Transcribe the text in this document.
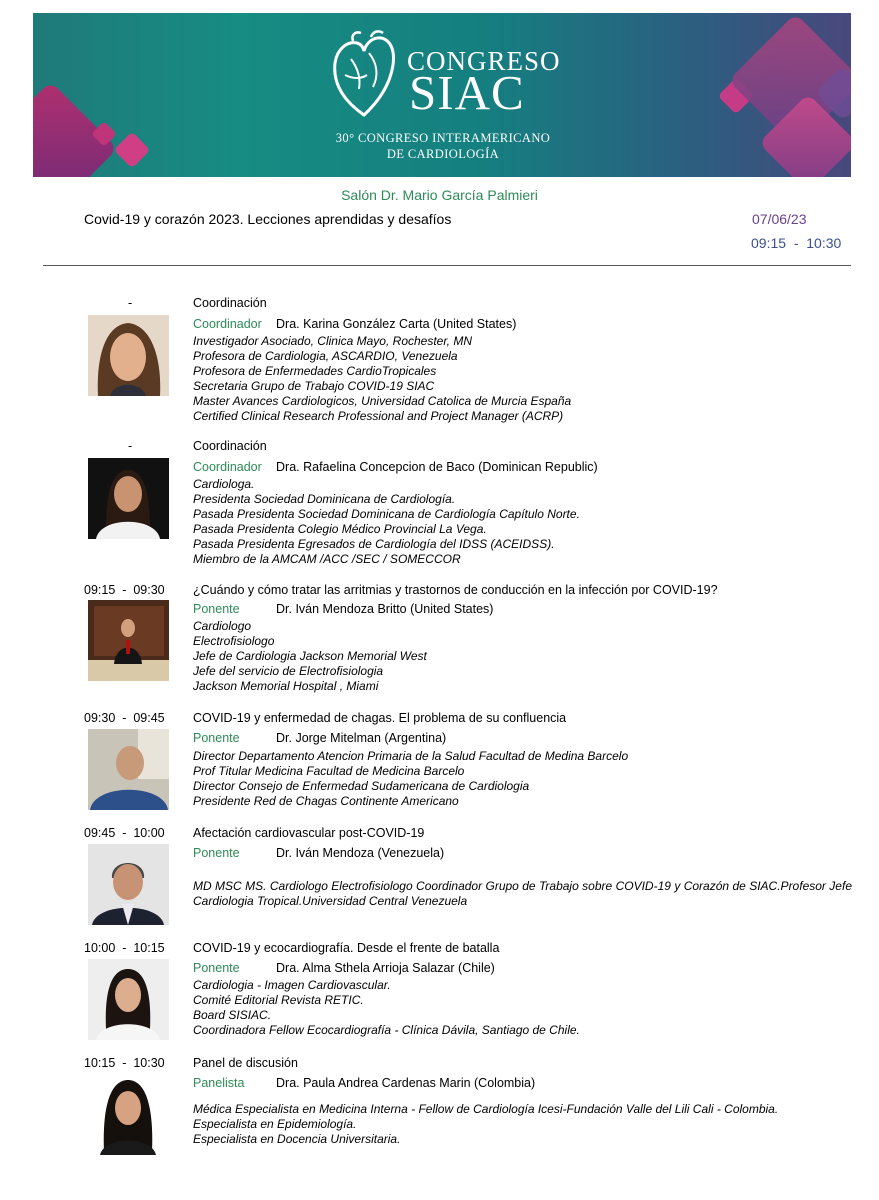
CONGRESO
SIAC
30° CONGRESO INTERAMERICANO
DE CARDIOLOGÍA
Salón Dr. Mario García Palmieri
Covid-19 y corazón 2023. Lecciones aprendidas y desafíos	07/06/23
09:15  -  10:30
-	Coordinación
Coordinador Dra. Karina González Carta (United States)
Investigador Asociado, Clinica Mayo, Rochester, MN
Profesora de Cardiologia, ASCARDIO, Venezuela
Profesora de Enfermedades CardioTropicales
Secretaria Grupo de Trabajo COVID-19 SIAC
Master Avances Cardiologicos, Universidad Catolica de Murcia España
Certified Clinical Research Professional and Project Manager (ACRP)
-	Coordinación
Coordinador Dra. Rafaelina Concepcion de Baco (Dominican Republic)
Cardiologa.
Presidenta Sociedad Dominicana de Cardiología.
Pasada Presidenta Sociedad Dominicana de Cardiología Capítulo Norte.
Pasada Presidenta Colegio Médico Provincial La Vega.
Pasada Presidenta Egresados de Cardiología del IDSS (ACEIDSS).
Miembro de la AMCAM /ACC /SEC / SOMECCOR
09:15  -  09:30	¿Cuándo y cómo tratar las arritmias y trastornos de conducción en la infección por COVID-19?
Ponente	Dr. Iván Mendoza Britto (United States)
Cardiologo
Electrofisiologo
Jefe de Cardiologia Jackson Memorial West
Jefe del servicio de Electrofisiologia
Jackson Memorial Hospital , Miami
09:30  -  09:45	COVID-19 y enfermedad de chagas. El problema de su confluencia
Ponente	Dr. Jorge Mitelman (Argentina)
Director Departamento Atencion Primaria de la Salud Facultad de Medina Barcelo
Prof Titular Medicina Facultad de Medicina Barcelo
Director Consejo de Enfermedad Sudamericana de Cardiologia
Presidente Red de Chagas Continente Americano
09:45  -  10:00	Afectación cardiovascular post-COVID-19
Ponente	Dr. Iván Mendoza (Venezuela)
MD MSC MS. Cardiologo Electrofisiologo Coordinador Grupo de Trabajo sobre COVID-19 y Corazón de SIAC.Profesor Jefe Cardiologia Tropical.Universidad Central Venezuela
10:00  -  10:15	COVID-19 y ecocardiografía. Desde el frente de batalla
Ponente	Dra. Alma Sthela Arrioja Salazar (Chile)
Cardiologia - Imagen Cardiovascular.
Comité Editorial Revista RETIC.
Board SISIAC.
Coordinadora Fellow Ecocardiografía - Clínica Dávila, Santiago de Chile.
10:15  -  10:30	Panel de discusión
Panelista	Dra. Paula Andrea Cardenas Marin (Colombia)
Médica Especialista en Medicina Interna - Fellow de Cardiología Icesi-Fundación Valle del Lili Cali - Colombia.
Especialista en Epidemiología.
Especialista en Docencia Universitaria.
